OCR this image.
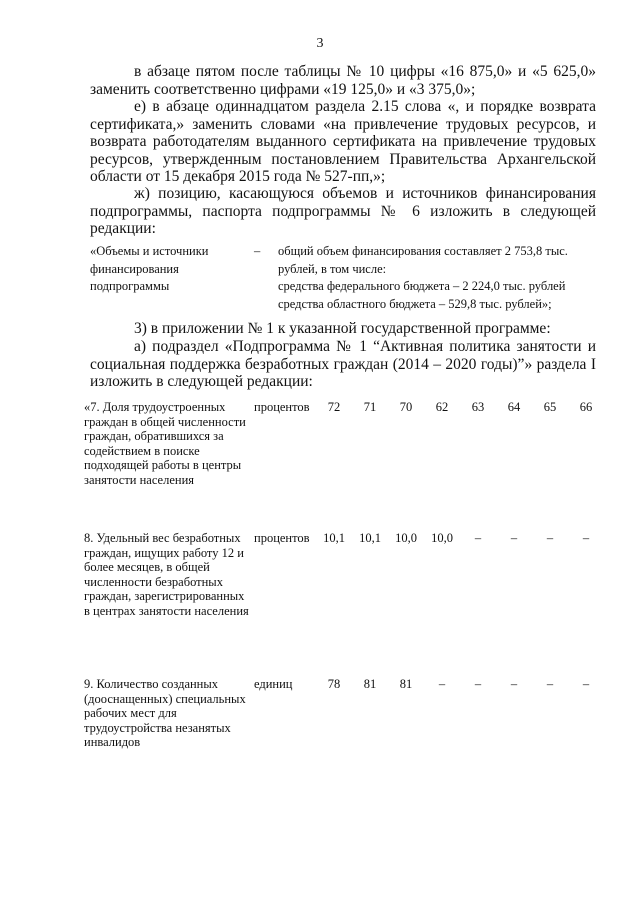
3

в абзаце пятом после таблицы № 10 цифры «16 875,0» и «5 625,0» заменить соответственно цифрами «19 125,0» и «3 375,0»;

е) в абзаце одиннадцатом раздела 2.15 слова «, и порядке возврата сертификата,» заменить словами «на привлечение трудовых ресурсов, и возврата работодателям выданного сертификата на привлечение трудовых ресурсов, утвержденным постановлением Правительства Архангельской области от 15 декабря 2015 года № 527-пп,»;

ж) позицию, касающуюся объемов и источников финансирования подпрограммы, паспорта подпрограммы № 6 изложить в следующей редакции:

«Объемы и источники финансирования подпрограммы
– общий объем финансирования составляет 2 753,8 тыс.
рублей, в том числе:
средства федерального бюджета – 2 224,0 тыс. рублей
средства областного бюджета – 529,8 тыс. рублей»;

3) в приложении № 1 к указанной государственной программе:

а) подраздел «Подпрограмма № 1 “Активная политика занятости и социальная поддержка безработных граждан (2014 – 2020 годы)”» раздела I изложить в следующей редакции:

«7. Доля трудоустроенных граждан в общей численности граждан, обратившихся за содействием в поиске подходящей работы в центры занятости населения
процентов	72	71	70	62	63	64	65	66
8. Удельный вес безработных граждан, ищущих работу 12 и более месяцев, в общей численности безработных граждан, зарегистрированных в центрах занятости населения
процентов	10,1	10,1	10,0	10,0	–	–	–	–
9. Количество созданных (дооснащенных) специальных рабочих мест для трудоустройства незанятых инвалидов
единиц	78	81	81	–	–	–	–	–
